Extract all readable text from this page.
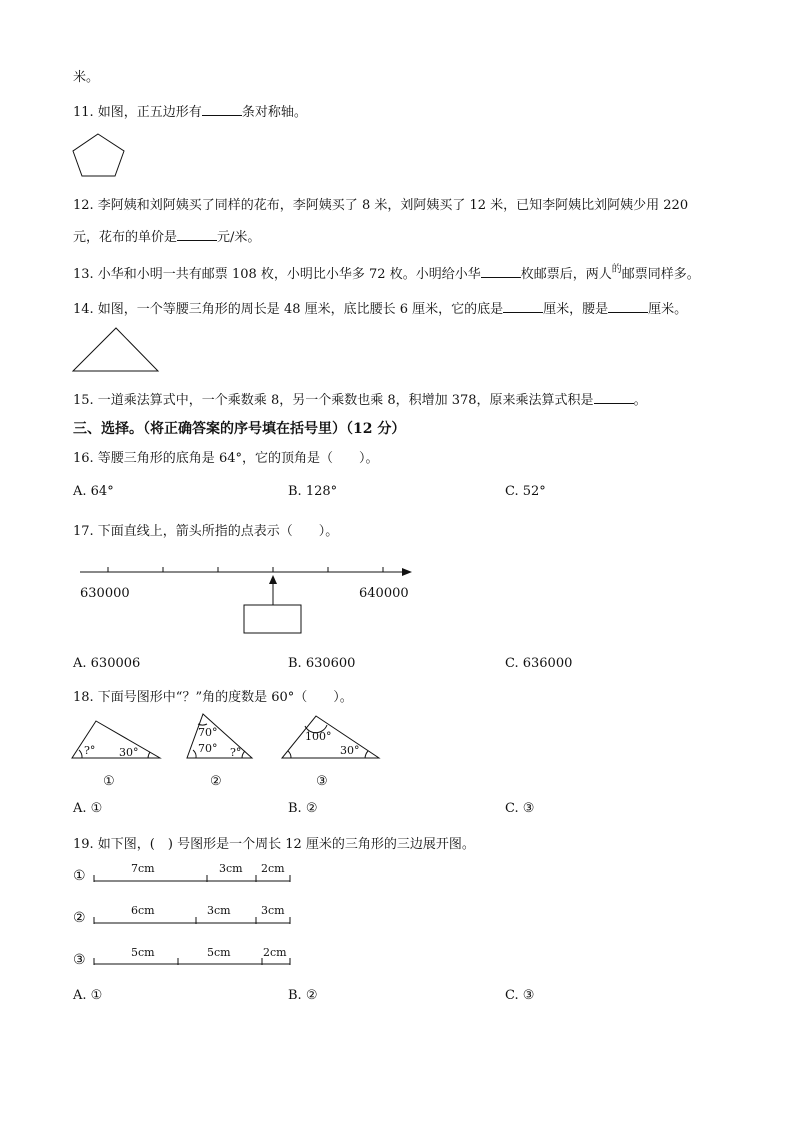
米。
11. 如图，正五边形有	条对称轴。
12. 李阿姨和刘阿姨买了同样的花布，李阿姨买了 8 米，刘阿姨买了 12 米，已知李阿姨比刘阿姨少用 220
元，花布的单价是	元/米。
13. 小华和小明一共有邮票 108 枚，小明比小华多 72 枚。小明给小华	枚邮票后，两人$^的$邮票同样多。
14. 如图，一个等腰三角形的周长是 48 厘米，底比腰长 6 厘米，它的底是	厘米，腰是	厘米。
15. 一道乘法算式中，一个乘数乘 8，另一个乘数也乘 8，积增加 378，原来乘法算式积是	。
三、选择。（将正确答案的序号填在括号里）（12 分）
16. 等腰三角形的底角是 64°，它的顶角是（　　）。
A. 64°	B. 128°	C. 52°
17. 下面直线上，箭头所指的点表示（　　）。
630000	640000
A. 630006	B. 630600	C. 636000
18. 下面号图形中“？”角的度数是 60°（　　）。
?° 30°
①
70°
70° ?°
②
100°
30°
③
A. ①	B. ②	C. ③
19. 如下图，(　) 号图形是一个周长 12 厘米的三角形的三边展开图。
①	7cm	3cm 2cm
②	6cm	3cm	3cm
③	5cm	5cm	2cm
A. ①	B. ②	C. ③
